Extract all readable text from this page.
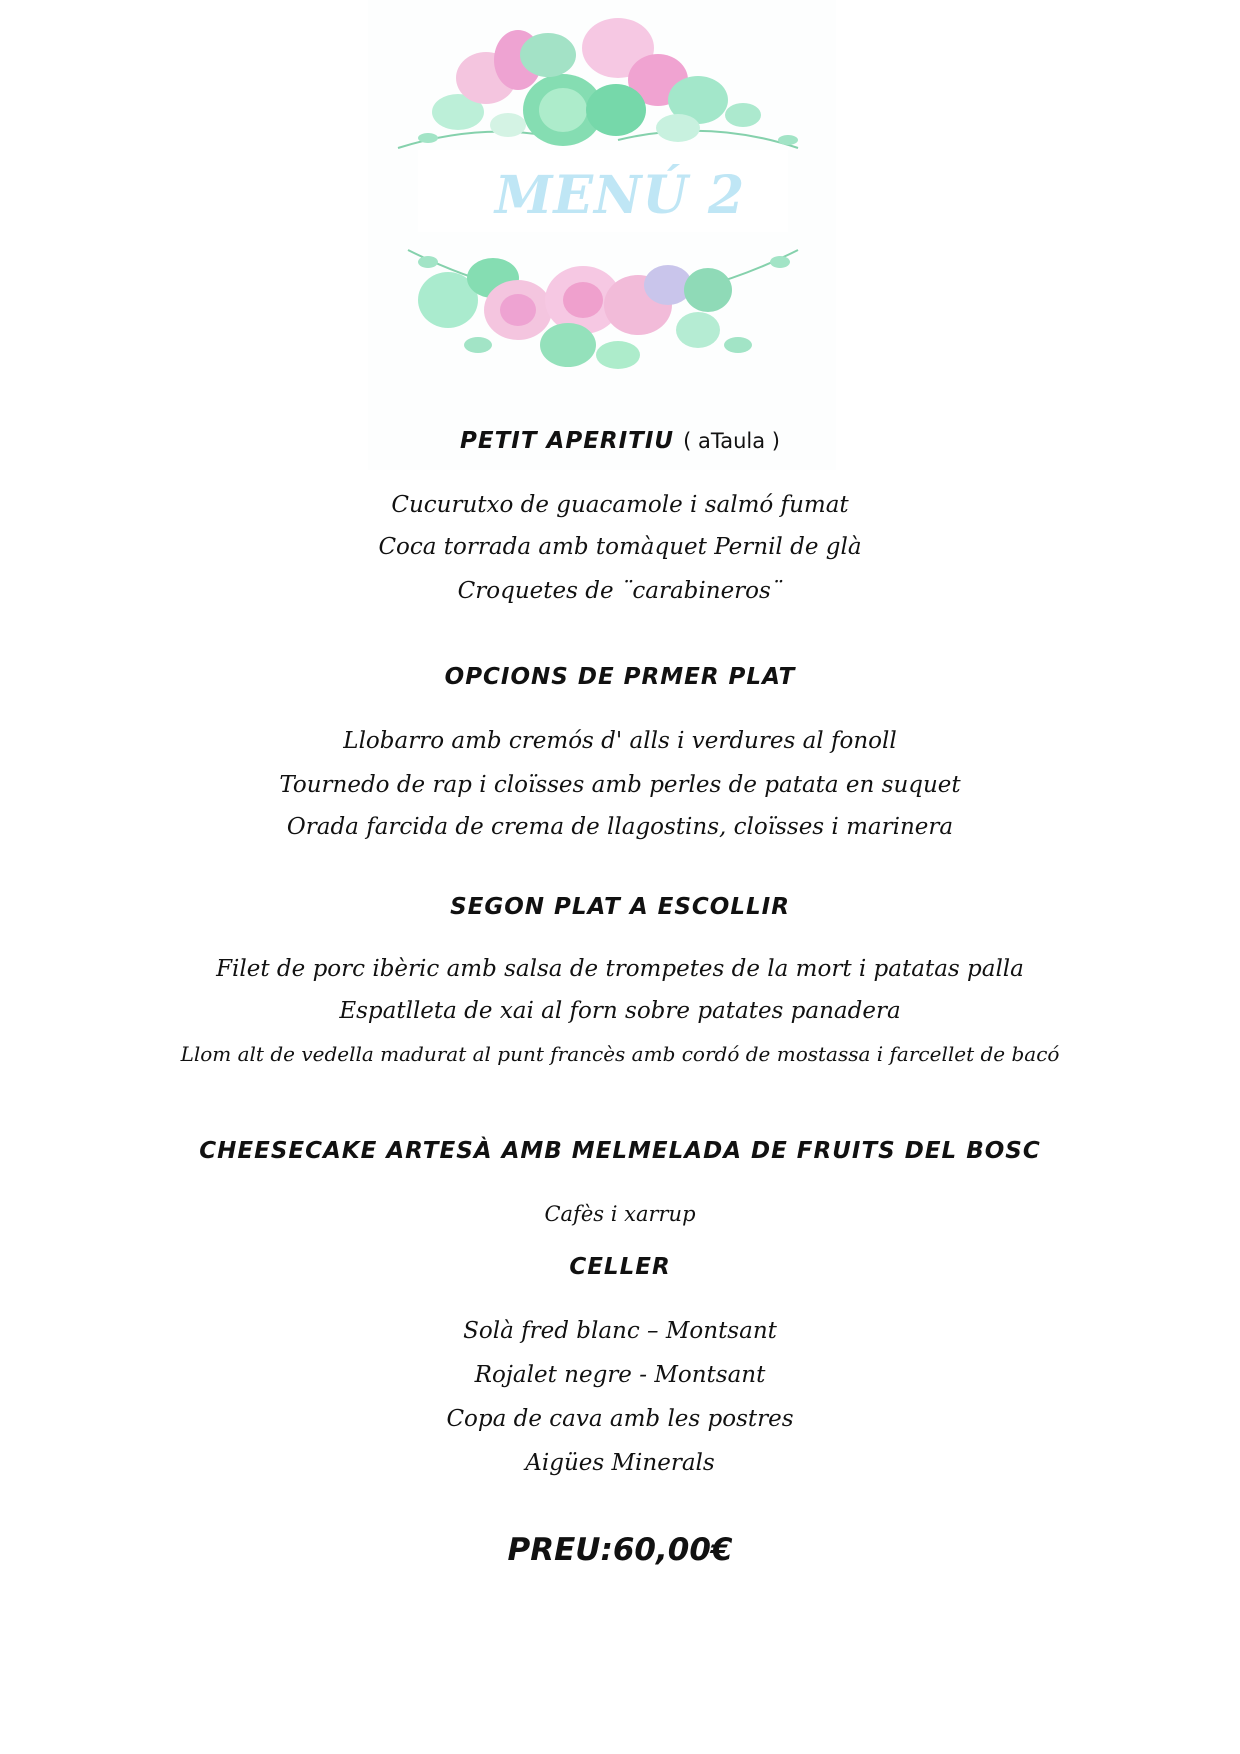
MENÚ 2
PETIT APERITIU ( aTaula )

Cucurutxo de guacamole i salmó fumat

Coca torrada amb tomàquet Pernil de glà

Croquetes de ¨carabineros¨

OPCIONS DE PRMER PLAT

Llobarro amb cremós d' alls i verdures al fonoll

Tournedo de rap i cloïsses amb perles de patata en suquet

Orada farcida de crema de llagostins, cloïsses i marinera

SEGON PLAT A ESCOLLIR

Filet de porc ibèric amb salsa de trompetes de la mort i patatas palla

Espatlleta de xai al forn sobre patates panadera

Llom alt de vedella madurat al punt francès amb cordó de mostassa i farcellet de bacó

CHEESECAKE ARTESÀ AMB MELMELADA DE FRUITS DEL BOSC

Cafès i xarrup

CELLER

Solà fred blanc – Montsant

Rojalet negre - Montsant

Copa de cava amb les postres

Aigües Minerals

PREU:60,00€
